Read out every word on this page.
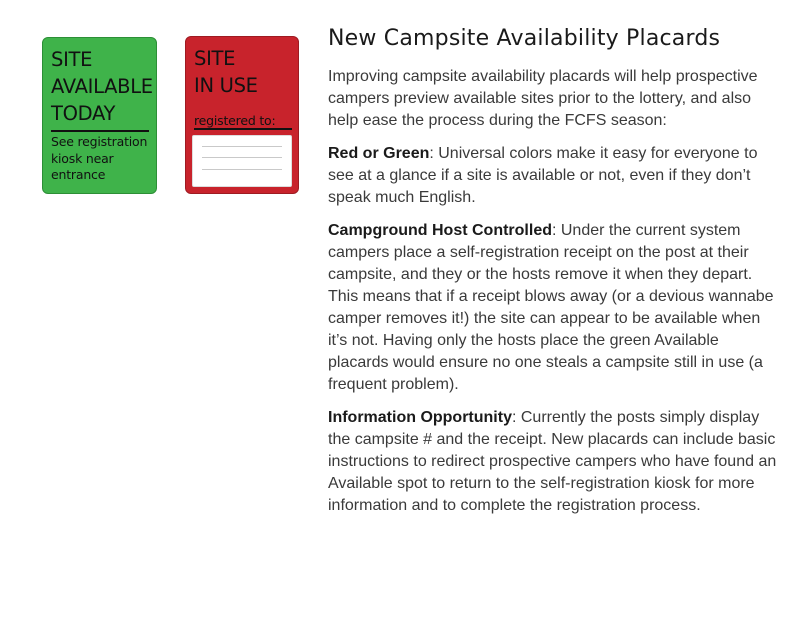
SITE
AVAILABLE
TODAY
See registration kiosk near entrance
SITE
IN USE
registered to:
New Campsite Availability Placards

Improving campsite availability placards will help prospective campers preview available sites prior to the lottery, and also help ease the process during the FCFS season:

Red or Green: Universal colors make it easy for everyone to see at a glance if a site is available or not, even if they don’t speak much English.

Campground Host Controlled: Under the current system campers place a self-registration receipt on the post at their campsite, and they or the hosts remove it when they depart. This means that if a receipt blows away (or a devious wannabe camper removes it!) the site can appear to be available when it’s not. Having only the hosts place the green Available placards would ensure no one steals a campsite still in use (a frequent problem).

Information Opportunity: Currently the posts simply display the campsite # and the receipt. New placards can include basic instructions to redirect prospective campers who have found an Available spot to return to the self-registration kiosk for more information and to complete the registration process.
